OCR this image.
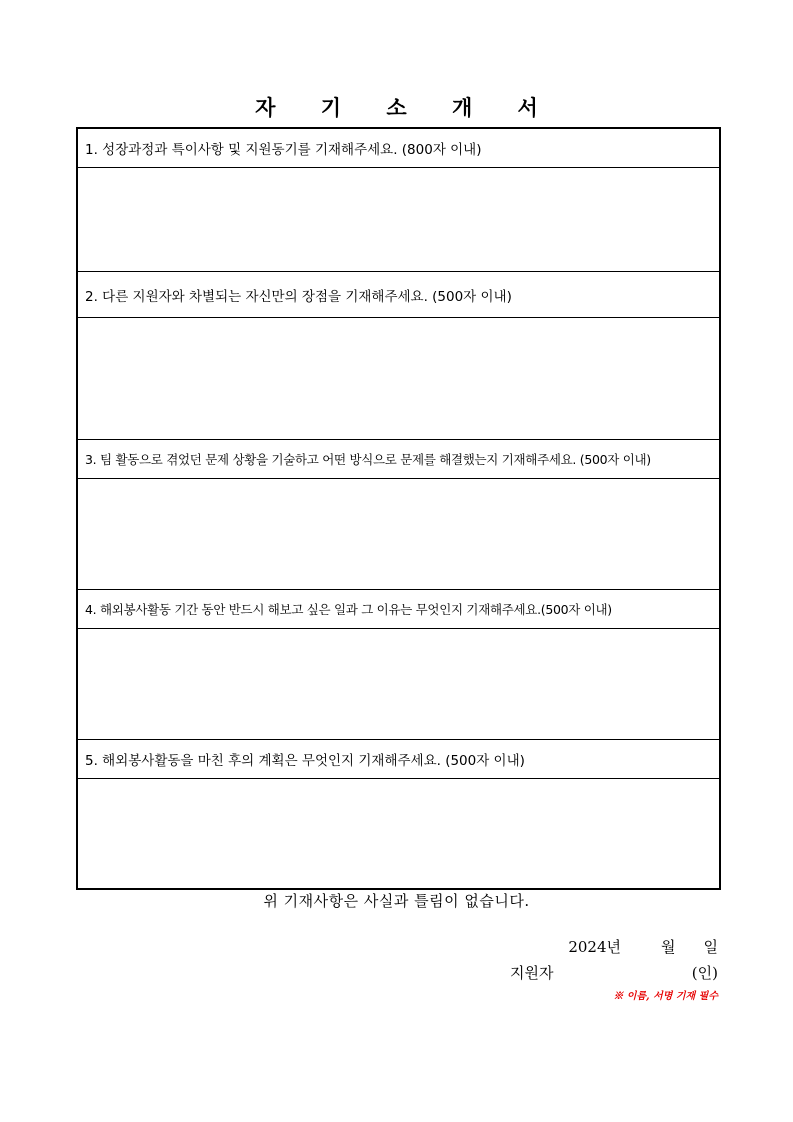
자 기 소 개 서
1. 성장과정과 특이사항 및 지원동기를 기재해주세요. (800자 이내)
2. 다른 지원자와 차별되는 자신만의 장점을 기재해주세요. (500자 이내)
3. 팀 활동으로 겪었던 문제 상황을 기술하고 어떤 방식으로 문제를 해결했는지 기재해주세요. (500자 이내)
4. 해외봉사활동 기간 동안 반드시 해보고 싶은 일과 그 이유는 무엇인지 기재해주세요.(500자 이내)
5. 해외봉사활동을 마친 후의 계획은 무엇인지 기재해주세요. (500자 이내)
위 기재사항은 사실과 틀림이 없습니다.
2024년	월 일
지원자	(인)
※ 이름, 서명 기재 필수
